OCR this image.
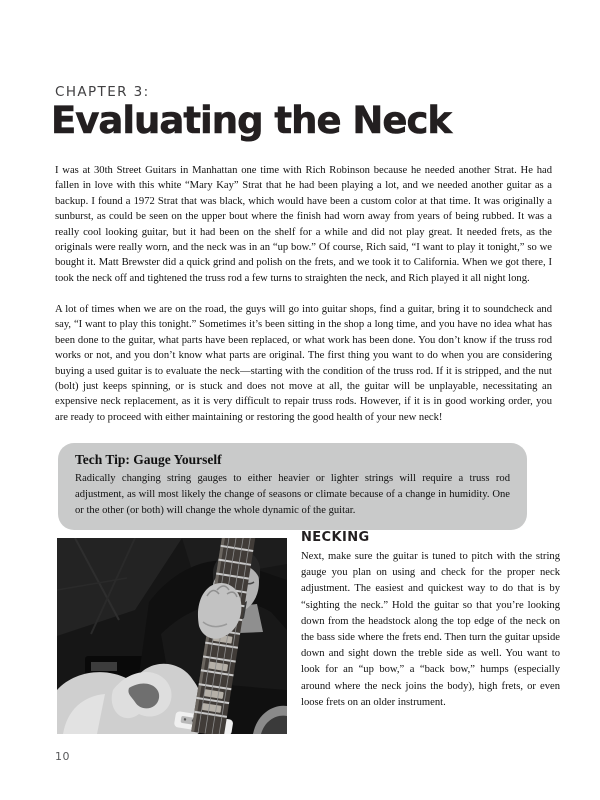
CHAPTER 3:
Evaluating the Neck

I was at 30th Street Guitars in Manhattan one time with Rich Robinson because he needed another Strat. He had fallen in love with this white “Mary Kay” Strat that he had been playing a lot, and we needed another guitar as a backup. I found a 1972 Strat that was black, which would have been a custom color at that time. It was originally a sunburst, as could be seen on the upper bout where the finish had worn away from years of being rubbed. It was a really cool looking guitar, but it had been on the shelf for a while and did not play great. It needed frets, as the originals were really worn, and the neck was in an “up bow.” Of course, Rich said, “I want to play it tonight,” so we bought it. Matt Brewster did a quick grind and polish on the frets, and we took it to California. When we got there, I took the neck off and tightened the truss rod a few turns to straighten the neck, and Rich played it all night long.

A lot of times when we are on the road, the guys will go into guitar shops, find a guitar, bring it to soundcheck and say, “I want to play this tonight.” Sometimes it’s been sitting in the shop a long time, and you have no idea what has been done to the guitar, what parts have been replaced, or what work has been done. You don’t know if the truss rod works or not, and you don’t know what parts are original. The first thing you want to do when you are considering buying a used guitar is to evaluate the neck—starting with the condition of the truss rod. If it is stripped, and the nut (bolt) just keeps spinning, or is stuck and does not move at all, the guitar will be unplayable, necessitating an expensive neck replacement, as it is very difficult to repair truss rods. However, if it is in good working order, you are ready to proceed with either maintaining or restoring the good health of your new neck!

Tech Tip: Gauge Yourself
Radically changing string gauges to either heavier or lighter strings will require a truss rod adjustment, as will most likely the change of seasons or climate because of a change in humidity. One or the other (or both) will change the whole dynamic of the guitar.
NECKING
Next, make sure the guitar is tuned to pitch with the string gauge you plan on using and check for the proper neck adjustment. The easiest and quickest way to do that is by “sighting the neck.” Hold the guitar so that you’re looking down from the headstock along the top edge of the neck on the bass side where the frets end. Then turn the guitar upside down and sight down the treble side as well. You want to look for an “up bow,” a “back bow,” humps (especially around where the neck joins the body), high frets, or even loose frets on an older instrument.
10
